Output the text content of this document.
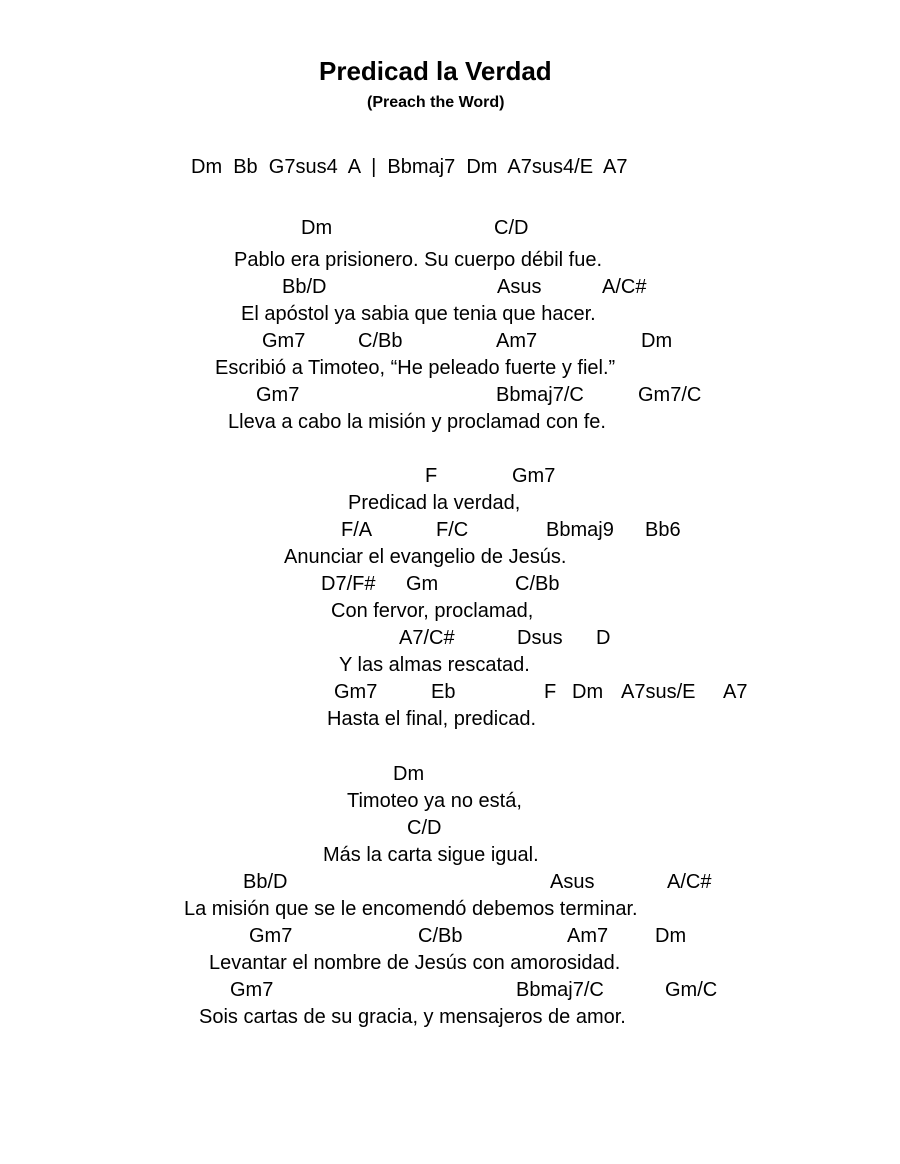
Predicad la Verdad
(Preach the Word)
Dm  Bb  G7sus4  A  |  Bbmaj7  Dm  A7sus4/E  A7
Dm	C/D
Pablo era prisionero. Su cuerpo débil fue.
Bb/D	Asus	A/C#
El apóstol ya sabia que tenia que hacer.
Gm7	C/Bb	Am7	Dm
Escribió a Timoteo, “He peleado fuerte y fiel.”
Gm7	Bbmaj7/C	Gm7/C
Lleva a cabo la misión y proclamad con fe.
F	Gm7
Predicad la verdad,
F/A	F/C	Bbmaj9 Bb6
Anunciar el evangelio de Jesús.
D7/F# Gm	C/Bb
Con fervor, proclamad,
A7/C#	Dsus D
Y las almas rescatad.
Gm7	Eb	F Dm A7sus/E A7
Hasta el final, predicad.
Dm
Timoteo ya no está,
C/D
Más la carta sigue igual.
Bb/D	Asus	A/C#
La misión que se le encomendó debemos terminar.
Gm7	C/Bb	Am7 Dm
Levantar el nombre de Jesús con amorosidad.
Gm7	Bbmaj7/C	Gm/C
Sois cartas de su gracia, y mensajeros de amor.
